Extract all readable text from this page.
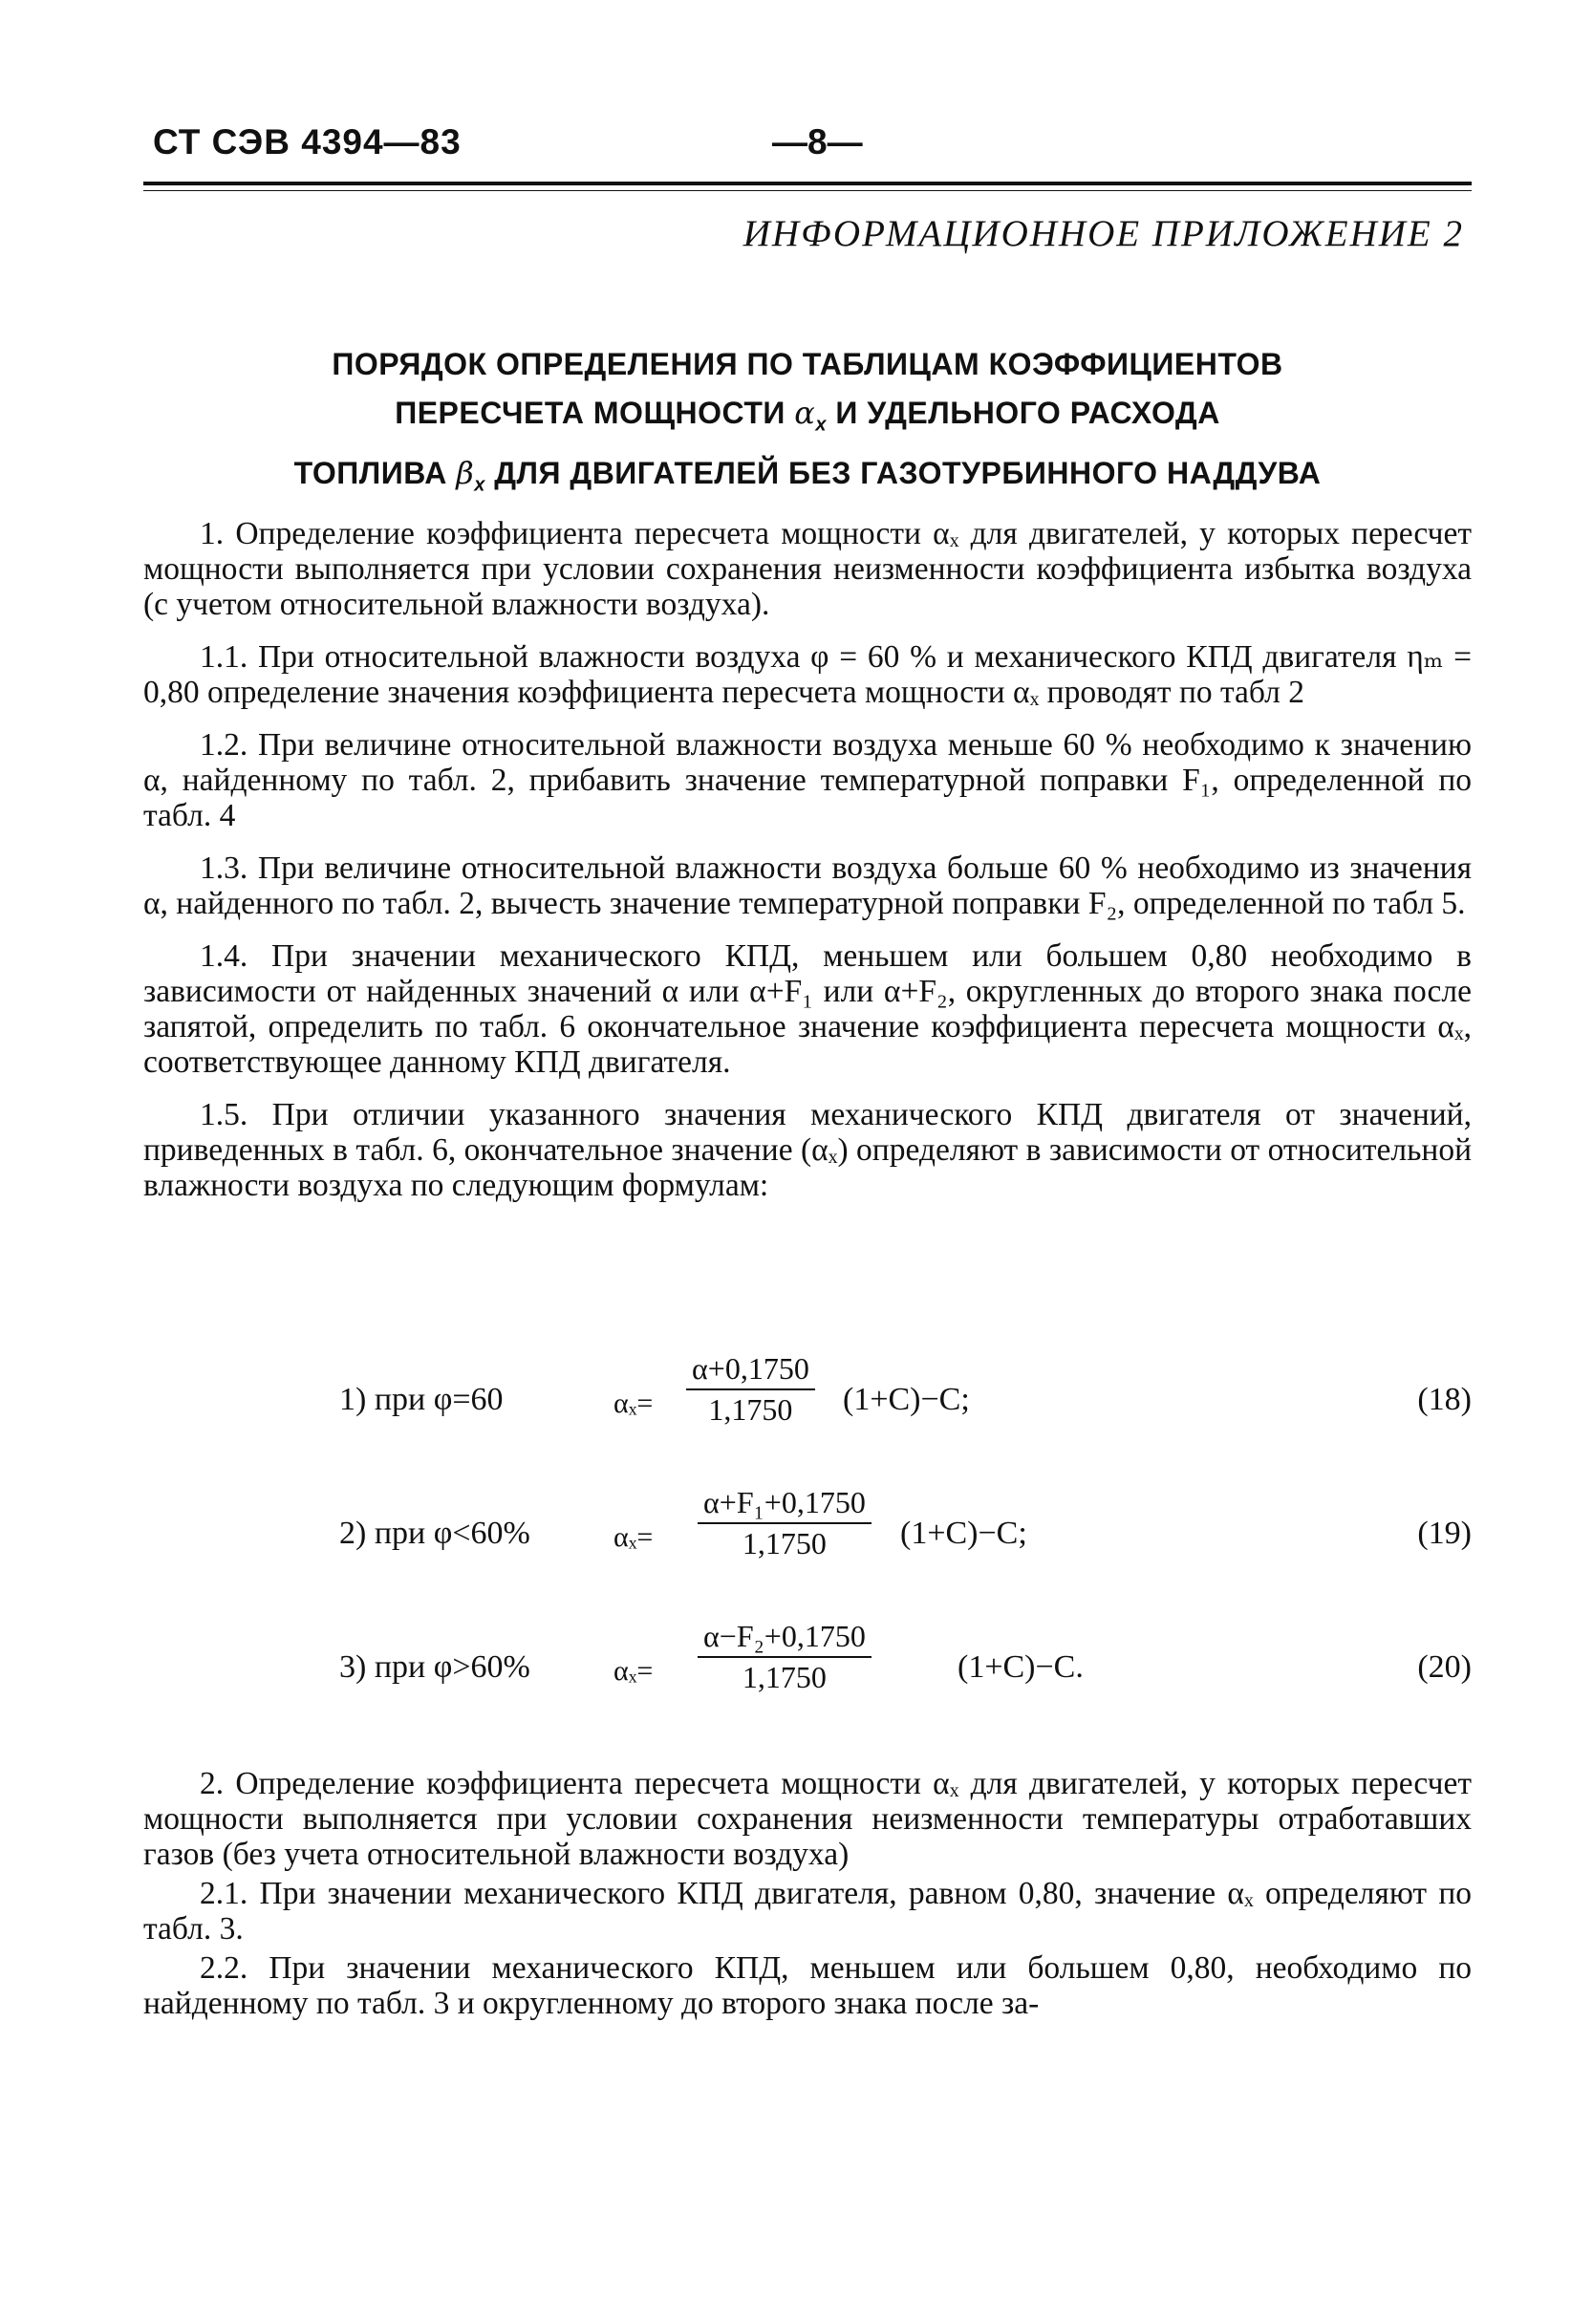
СТ СЭВ 4394—83	—8—
ИНФОРМАЦИОННОЕ ПРИЛОЖЕНИЕ 2
ПОРЯДОК ОПРЕДЕЛЕНИЯ ПО ТАБЛИЦАМ КОЭФФИЦИЕНТОВ
ПЕРЕСЧЕТА МОЩНОСТИ $\alpha_x$ И УДЕЛЬНОГО РАСХОДА
ТОПЛИВА $\beta_x$ ДЛЯ ДВИГАТЕЛЕЙ БЕЗ ГАЗОТУРБИННОГО НАДДУВА

1. Определение коэффициента пересчета мощности αₓ для двигателей, у которых пересчет мощности выполняется при условии сохранения неизменности коэффициента избытка воздуха (с учетом относительной влажности воздуха).

1.1. При относительной влажности воздуха φ = 60 % и механического КПД двигателя ηₘ = 0,80 определение значения коэффициента пересчета мощности αₓ проводят по табл 2

1.2. При величине относительной влажности воздуха меньше 60 % необходимо к значению α, найденному по табл. 2, прибавить значение температурной поправки F₁, определенной по табл. 4

1.3. При величине относительной влажности воздуха больше 60 % необходимо из значения α, найденного по табл. 2, вычесть значение температурной поправки F₂, определенной по табл 5.

1.4. При значении механического КПД, меньшем или большем 0,80 необходимо в зависимости от найденных значений α или α+F₁ или α+F₂, округленных до второго знака после запятой, определить по табл. 6 окончательное значение коэффициента пересчета мощности αₓ, соответствующее данному КПД двигателя.

1.5. При отличии указанного значения механического КПД двигателя от значений, приведенных в табл. 6, окончательное значение (αₓ) определяют в зависимости от относительной влажности воздуха по следующим формулам:

1) при φ=60	$\alpha_x= \frac{\alpha+0,1750}{1,1750} (1+C)-C$;	(18)
2) при φ<60%	$\alpha_x= \frac{\text{α+F₁+0,1750}}{1,1750} (1+C)-C$;	(19)
3) при φ>60%	$\alpha_x= \frac{\text{α−F₂+0,1750}}{1,1750}$	(1+C)−C.	(20)

2. Определение коэффициента пересчета мощности αₓ для двигателей, у которых пересчет мощности выполняется при условии сохранения неизменности температуры отработавших газов (без учета относительной влажности воздуха)

2.1. При значении механического КПД двигателя, равном 0,80, значение αₓ определяют по табл. 3.

2.2. При значении механического КПД, меньшем или большем 0,80, необходимо по найденному по табл. 3 и округленному до второго знака после за-
